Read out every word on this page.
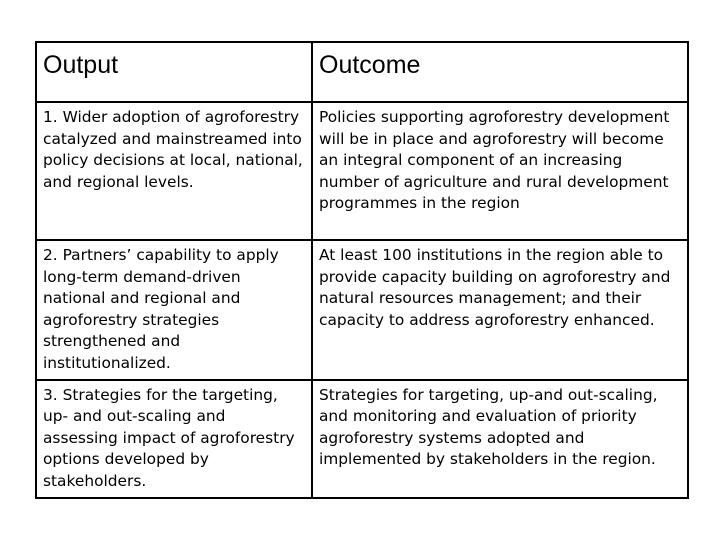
Output	Outcome
1. Wider adoption of agroforestry catalyzed and mainstreamed into policy decisions at local, national, and regional levels.	Policies supporting agroforestry development will be in place and agroforestry will become an integral component of an increasing number of agriculture and rural development programmes in the region
2. Partners’ capability to apply long-term demand-driven national and regional and agroforestry strategies strengthened and institutionalized.	At least 100 institutions in the region able to provide capacity building on agroforestry and natural resources management; and their capacity to address agroforestry enhanced.
3. Strategies for the targeting, up- and out-scaling and assessing impact of agroforestry options developed by stakeholders.	Strategies for targeting, up-and out-scaling, and monitoring and evaluation of priority agroforestry systems adopted and implemented by stakeholders in the region.
